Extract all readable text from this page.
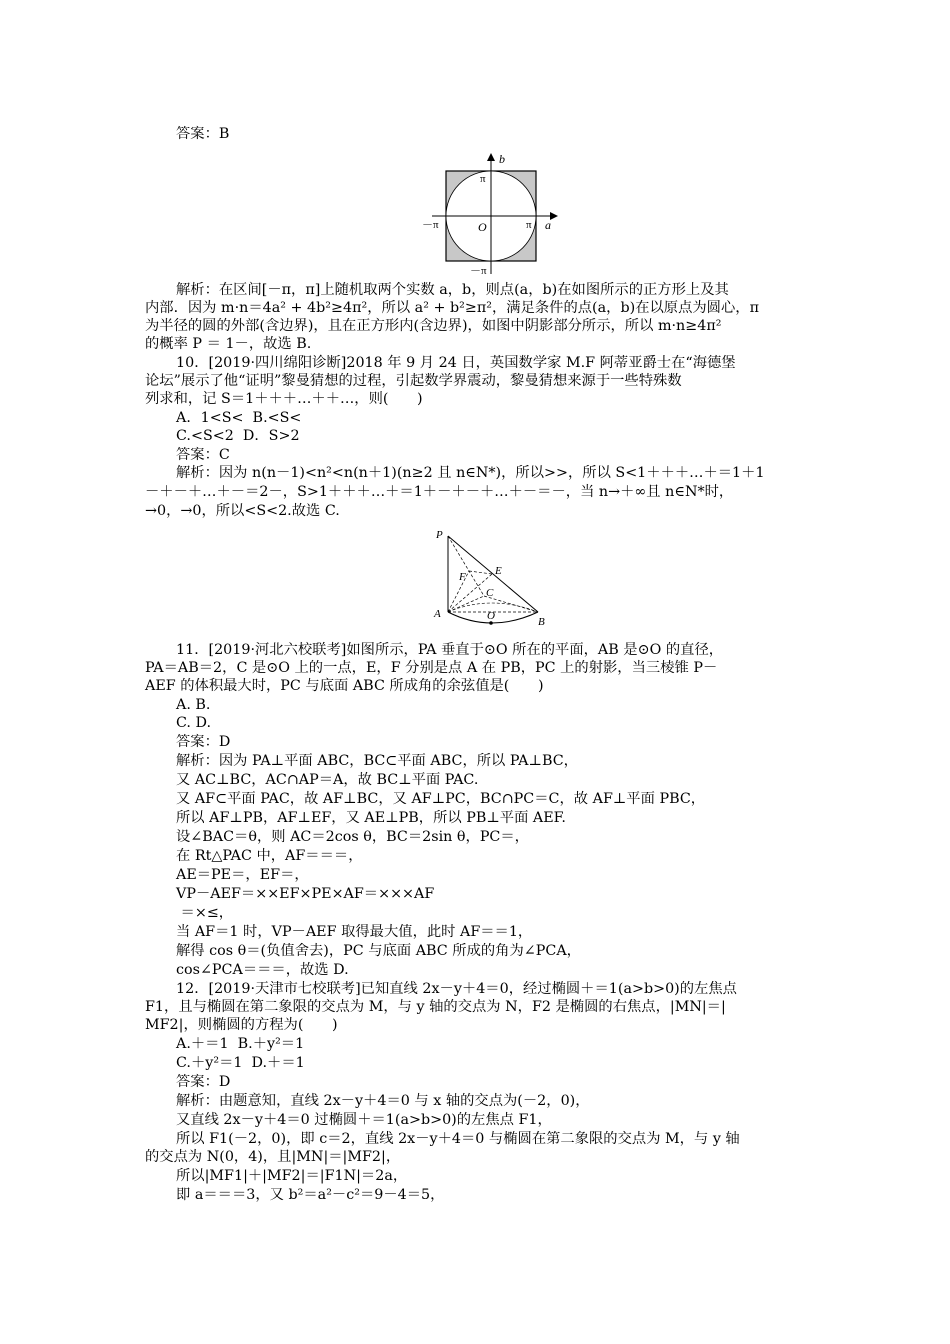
答案：B
解析：在区间[－π，π]上随机取两个实数 a，b，则点(a，b)在如图所示的正方形上及其
内部．因为 m·n＝4a² + 4b²≥4π²，所以 a² + b²≥π²，满足条件的点(a，b)在以原点为圆心，π
为半径的圆的外部(含边界)，且在正方形内(含边界)，如图中阴影部分所示，所以 m·n≥4π²
的概率 P ＝ 1－，故选 B.
10．[2019·四川绵阳诊断]2018 年 9 月 24 日，英国数学家 M.F 阿蒂亚爵士在“海德堡
论坛”展示了他“证明”黎曼猜想的过程，引起数学界震动，黎曼猜想来源于一些特殊数
列求和，记 S＝1＋＋＋…＋＋…，则(　　)
A．1<S<  B.<S<
C.<S<2  D．S>2
答案：C
解析：因为 n(n－1)<n²<n(n＋1)(n≥2 且 n∈N*)，所以>>，所以 S<1＋＋＋…＋＝1＋1
－＋－＋…＋－＝2－，S>1＋＋＋…＋＝1＋－＋－＋…＋－＝－，当 n→＋∞且 n∈N*时，
→0，→0，所以<S<2.故选 C.
11．[2019·河北六校联考]如图所示，PA 垂直于⊙O 所在的平面，AB 是⊙O 的直径，
PA＝AB＝2，C 是⊙O 上的一点，E，F 分别是点 A 在 PB，PC 上的射影，当三棱锥 P－
AEF 的体积最大时，PC 与底面 ABC 所成角的余弦值是(　　)
A. B.
C. D.
答案：D
解析：因为 PA⊥平面 ABC，BC⊂平面 ABC，所以 PA⊥BC，
又 AC⊥BC，AC∩AP＝A，故 BC⊥平面 PAC.
又 AF⊂平面 PAC，故 AF⊥BC，又 AF⊥PC，BC∩PC＝C，故 AF⊥平面 PBC，
所以 AF⊥PB，AF⊥EF，又 AE⊥PB，所以 PB⊥平面 AEF.
设∠BAC＝θ，则 AC＝2cos θ，BC＝2sin θ，PC＝，
在 Rt△PAC 中，AF＝＝＝，
AE＝PE＝，EF＝，
VP－AEF＝××EF×PE×AF＝×××AF
＝×≤，
当 AF＝1 时，VP－AEF 取得最大值，此时 AF＝＝1，
解得 cos θ＝(负值舍去)，PC 与底面 ABC 所成的角为∠PCA，
cos∠PCA＝＝＝，故选 D.
12．[2019·天津市七校联考]已知直线 2x－y＋4＝0，经过椭圆＋＝1(a>b>0)的左焦点
F1，且与椭圆在第二象限的交点为 M，与 y 轴的交点为 N，F2 是椭圆的右焦点，|MN|＝|
MF2|，则椭圆的方程为(　　)
A.＋＝1  B.＋y²＝1
C.＋y²＝1  D.＋＝1
答案：D
解析：由题意知，直线 2x－y＋4＝0 与 x 轴的交点为(－2，0)，
又直线 2x－y＋4＝0 过椭圆＋＝1(a>b>0)的左焦点 F1，
所以 F1(－2，0)，即 c＝2，直线 2x－y＋4＝0 与椭圆在第二象限的交点为 M，与 y 轴
的交点为 N(0，4)，且|MN|＝|MF2|，
所以|MF1|＋|MF2|＝|F1N|＝2a，
即 a＝＝＝3，又 b²＝a²－c²＝9－4＝5，
b
a
π
π
－π
－π
O
P
E
F
C
A	O	B
